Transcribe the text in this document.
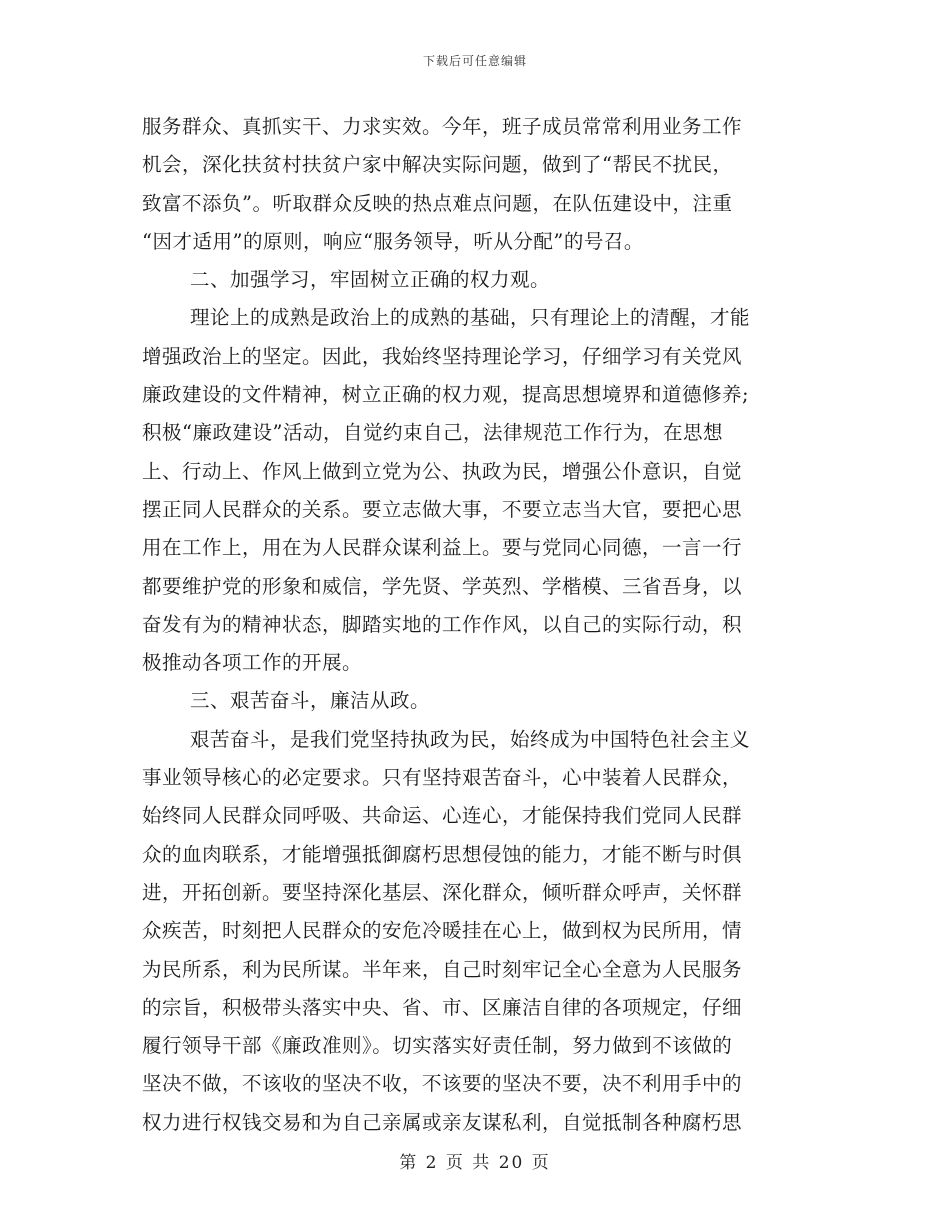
下载后可任意编辑
服务群众、真抓实干、力求实效。今年，班子成员常常利用业务工作
机会，深化扶贫村扶贫户家中解决实际问题，做到了“帮民不扰民，
致富不添负”。听取群众反映的热点难点问题，在队伍建设中，注重
“因才适用”的原则，响应“服务领导，听从分配”的号召。
二、加强学习，牢固树立正确的权力观。
理论上的成熟是政治上的成熟的基础，只有理论上的清醒，才能
增强政治上的坚定。因此，我始终坚持理论学习，仔细学习有关党风
廉政建设的文件精神，树立正确的权力观，提高思想境界和道德修养;
积极“廉政建设”活动，自觉约束自己，法律规范工作行为，在思想
上、行动上、作风上做到立党为公、执政为民，增强公仆意识，自觉
摆正同人民群众的关系。要立志做大事，不要立志当大官，要把心思
用在工作上，用在为人民群众谋利益上。要与党同心同德，一言一行
都要维护党的形象和威信，学先贤、学英烈、学楷模、三省吾身，以
奋发有为的精神状态，脚踏实地的工作作风，以自己的实际行动，积
极推动各项工作的开展。
三、艰苦奋斗，廉洁从政。
艰苦奋斗，是我们党坚持执政为民，始终成为中国特色社会主义
事业领导核心的必定要求。只有坚持艰苦奋斗，心中装着人民群众，
始终同人民群众同呼吸、共命运、心连心，才能保持我们党同人民群
众的血肉联系，才能增强抵御腐朽思想侵蚀的能力，才能不断与时俱
进，开拓创新。要坚持深化基层、深化群众，倾听群众呼声，关怀群
众疾苦，时刻把人民群众的安危冷暖挂在心上，做到权为民所用，情
为民所系，利为民所谋。半年来，自己时刻牢记全心全意为人民服务
的宗旨，积极带头落实中央、省、市、区廉洁自律的各项规定，仔细
履行领导干部《廉政准则》。切实落实好责任制，努力做到不该做的
坚决不做，不该收的坚决不收，不该要的坚决不要，决不利用手中的
权力进行权钱交易和为自己亲属或亲友谋私利，自觉抵制各种腐朽思
第 2 页 共 20 页
